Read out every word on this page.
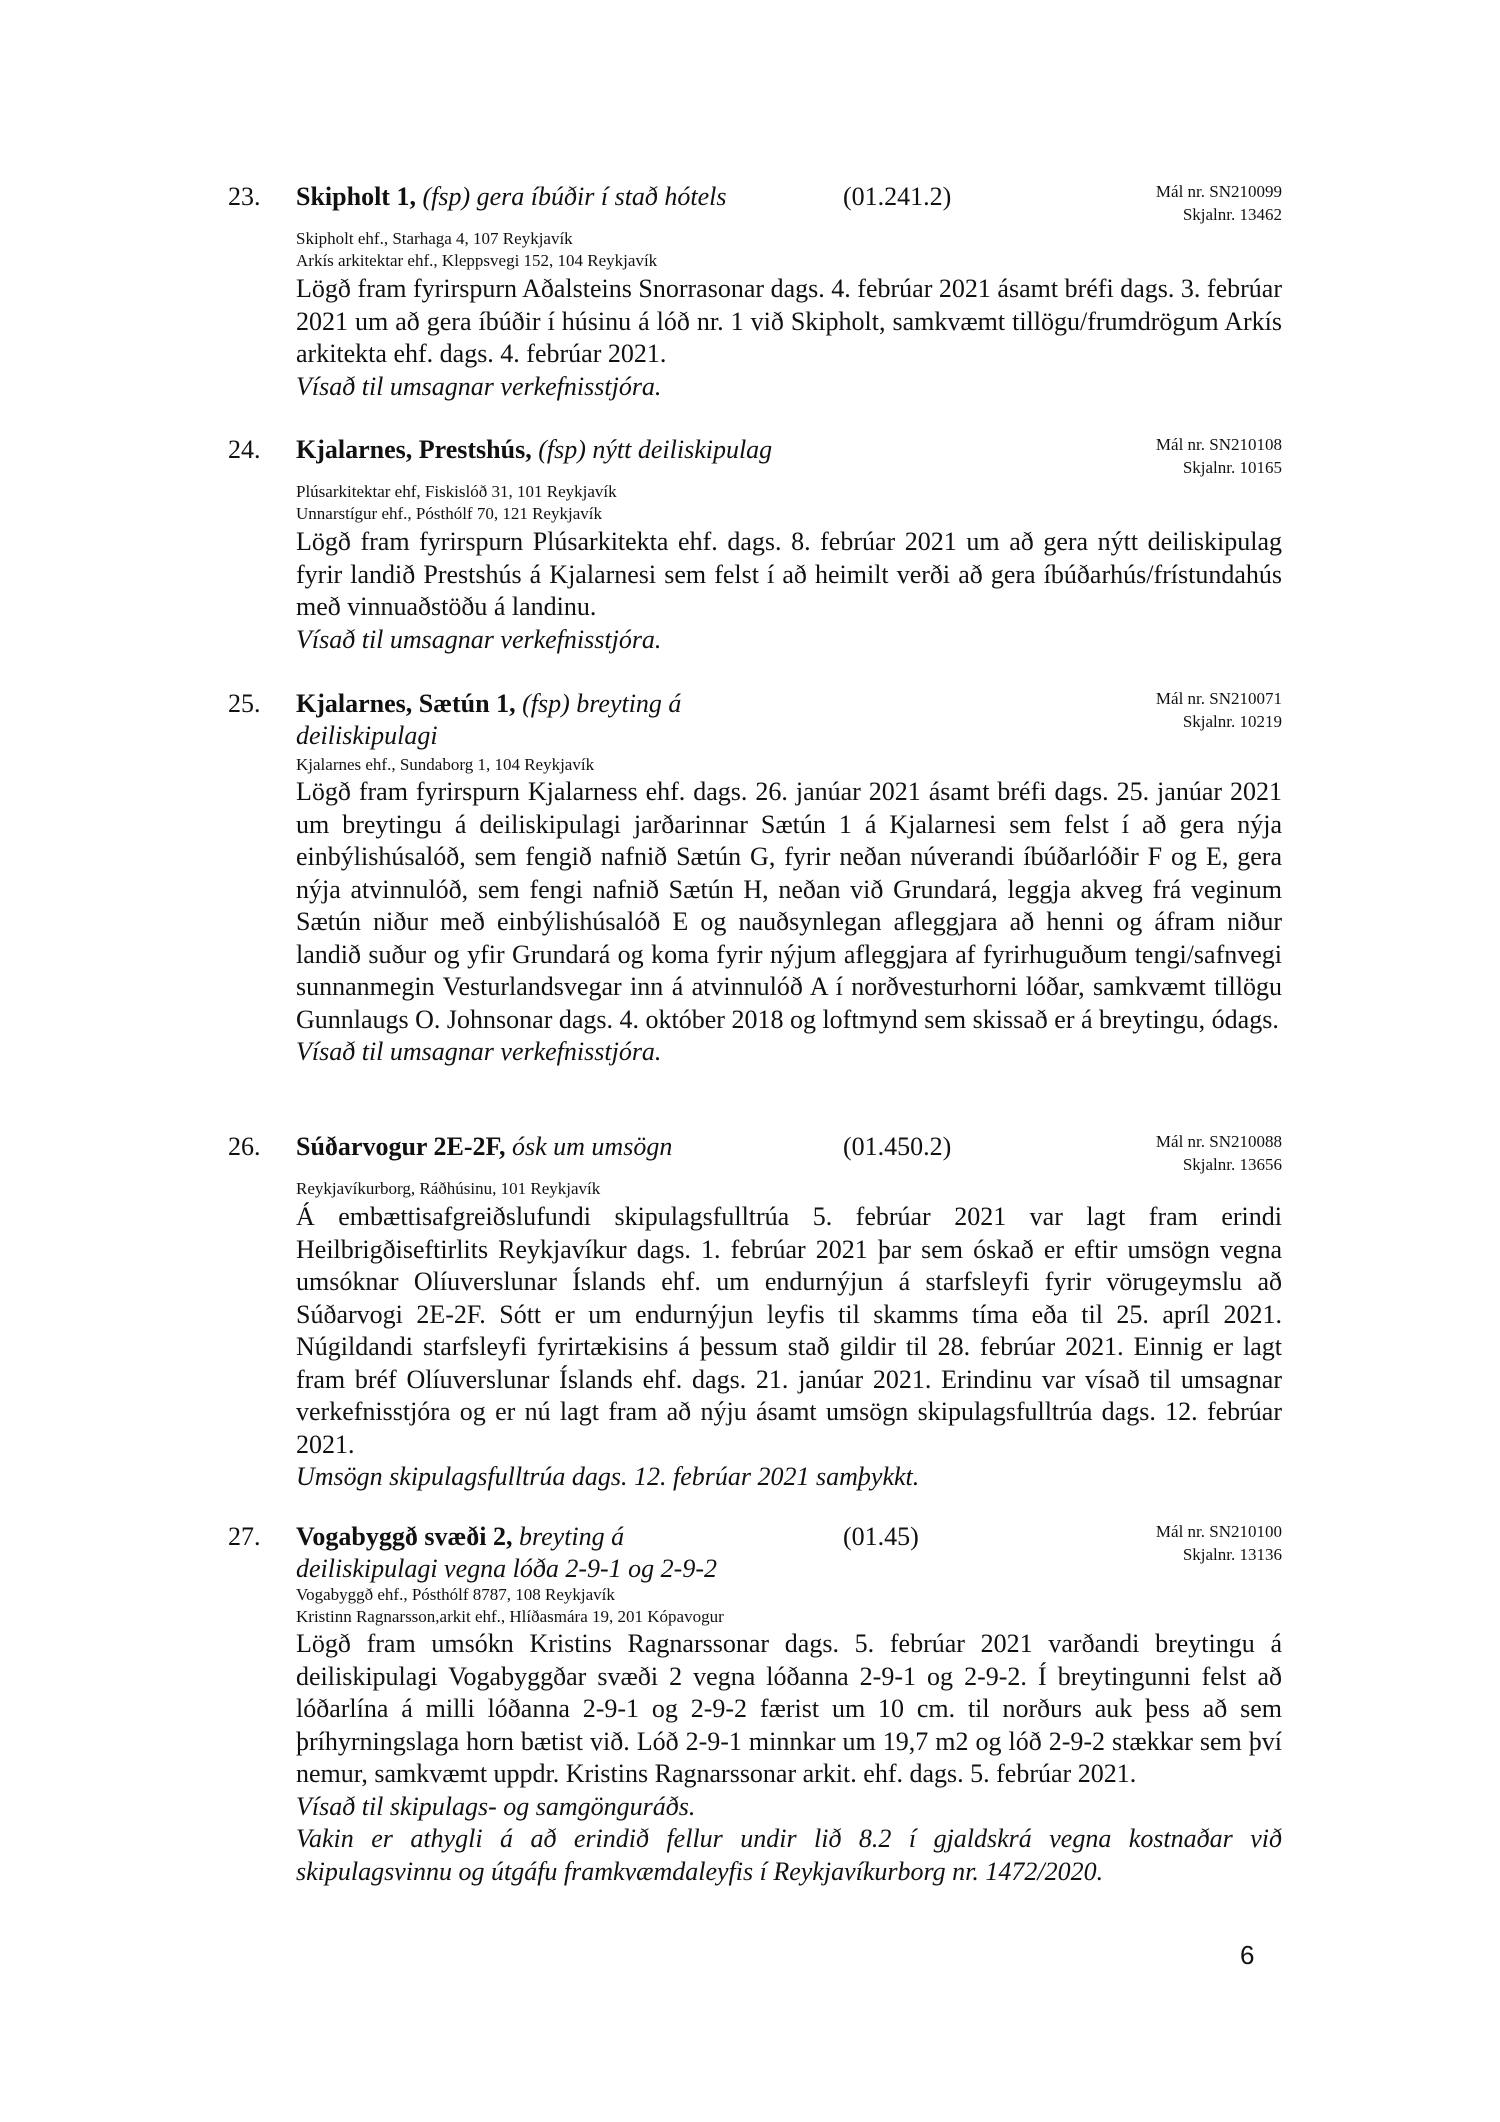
23. Skipholt 1, (fsp) gera íbúðir í stað hótels	(01.241.2)	Mál nr. SN210099
Skjalnr. 13462
Skipholt ehf., Starhaga 4, 107 Reykjavík
Arkís arkitektar ehf., Kleppsvegi 152, 104 Reykjavík

Lögð fram fyrirspurn Aðalsteins Snorrasonar dags. 4. febrúar 2021 ásamt bréfi dags. 3. febrúar 2021 um að gera íbúðir í húsinu á lóð nr. 1 við Skipholt, samkvæmt tillögu/frumdrögum Arkís arkitekta ehf. dags. 4. febrúar 2021.

Vísað til umsagnar verkefnisstjóra.

24. Kjalarnes, Prestshús, (fsp) nýtt deiliskipulag	Mál nr. SN210108
Skjalnr. 10165
Plúsarkitektar ehf, Fiskislóð 31, 101 Reykjavík
Unnarstígur ehf., Pósthólf 70, 121 Reykjavík

Lögð fram fyrirspurn Plúsarkitekta ehf. dags. 8. febrúar 2021 um að gera nýtt deiliskipulag fyrir landið Prestshús á Kjalarnesi sem felst í að heimilt verði að gera íbúðarhús/frístundahús með vinnuaðstöðu á landinu.

Vísað til umsagnar verkefnisstjóra.

25. Kjalarnes, Sætún 1, (fsp) breyting á
deiliskipulagi
Mál nr. SN210071
Skjalnr. 10219
Kjalarnes ehf., Sundaborg 1, 104 Reykjavík

Lögð fram fyrirspurn Kjalarness ehf. dags. 26. janúar 2021 ásamt bréfi dags. 25. janúar 2021 um breytingu á deiliskipulagi jarðarinnar Sætún 1 á Kjalarnesi sem felst í að gera nýja einbýlishúsalóð, sem fengið nafnið Sætún G, fyrir neðan núverandi íbúðarlóðir F og E, gera nýja atvinnulóð, sem fengi nafnið Sætún H, neðan við Grundará, leggja akveg frá veginum Sætún niður með einbýlishúsalóð E og nauðsynlegan afleggjara að henni og áfram niður landið suður og yfir Grundará og koma fyrir nýjum afleggjara af fyrirhuguðum tengi/safnvegi sunnanmegin Vesturlandsvegar inn á atvinnulóð A í norðvesturhorni lóðar, samkvæmt tillögu Gunnlaugs O. Johnsonar dags. 4. október 2018 og loftmynd sem skissað er á breytingu, ódags.

Vísað til umsagnar verkefnisstjóra.

26. Súðarvogur 2E-2F, ósk um umsögn	(01.450.2)	Mál nr. SN210088
Skjalnr. 13656
Reykjavíkurborg, Ráðhúsinu, 101 Reykjavík

Á embættisafgreiðslufundi skipulagsfulltrúa 5. febrúar 2021 var lagt fram erindi Heilbrigðiseftirlits Reykjavíkur dags. 1. febrúar 2021 þar sem óskað er eftir umsögn vegna umsóknar Olíuverslunar Íslands ehf. um endurnýjun á starfsleyfi fyrir vörugeymslu að Súðarvogi 2E-2F. Sótt er um endurnýjun leyfis til skamms tíma eða til 25. apríl 2021. Núgildandi starfsleyfi fyrirtækisins á þessum stað gildir til 28. febrúar 2021. Einnig er lagt fram bréf Olíuverslunar Íslands ehf. dags. 21. janúar 2021. Erindinu var vísað til umsagnar verkefnisstjóra og er nú lagt fram að nýju ásamt umsögn skipulagsfulltrúa dags. 12. febrúar 2021.

Umsögn skipulagsfulltrúa dags. 12. febrúar 2021 samþykkt.

27. Vogabyggð svæði 2, breyting á
deiliskipulagi vegna lóða 2-9-1 og 2-9-2
(01.45)	Mál nr. SN210100
Skjalnr. 13136
Vogabyggð ehf., Pósthólf 8787, 108 Reykjavík
Kristinn Ragnarsson,arkit ehf., Hlíðasmára 19, 201 Kópavogur

Lögð fram umsókn Kristins Ragnarssonar dags. 5. febrúar 2021 varðandi breytingu á deiliskipulagi Vogabyggðar svæði 2 vegna lóðanna 2-9-1 og 2-9-2. Í breytingunni felst að lóðarlína á milli lóðanna 2-9-1 og 2-9-2 færist um 10 cm. til norðurs auk þess að sem þríhyrningslaga horn bætist við. Lóð 2-9-1 minnkar um 19,7 m2 og lóð 2-9-2 stækkar sem því nemur, samkvæmt uppdr. Kristins Ragnarssonar arkit. ehf. dags. 5. febrúar 2021.

Vísað til skipulags- og samgönguráðs.

Vakin er athygli á að erindið fellur undir lið 8.2 í gjaldskrá vegna kostnaðar við skipulagsvinnu og útgáfu framkvæmdaleyfis í Reykjavíkurborg nr. 1472/2020.

6
